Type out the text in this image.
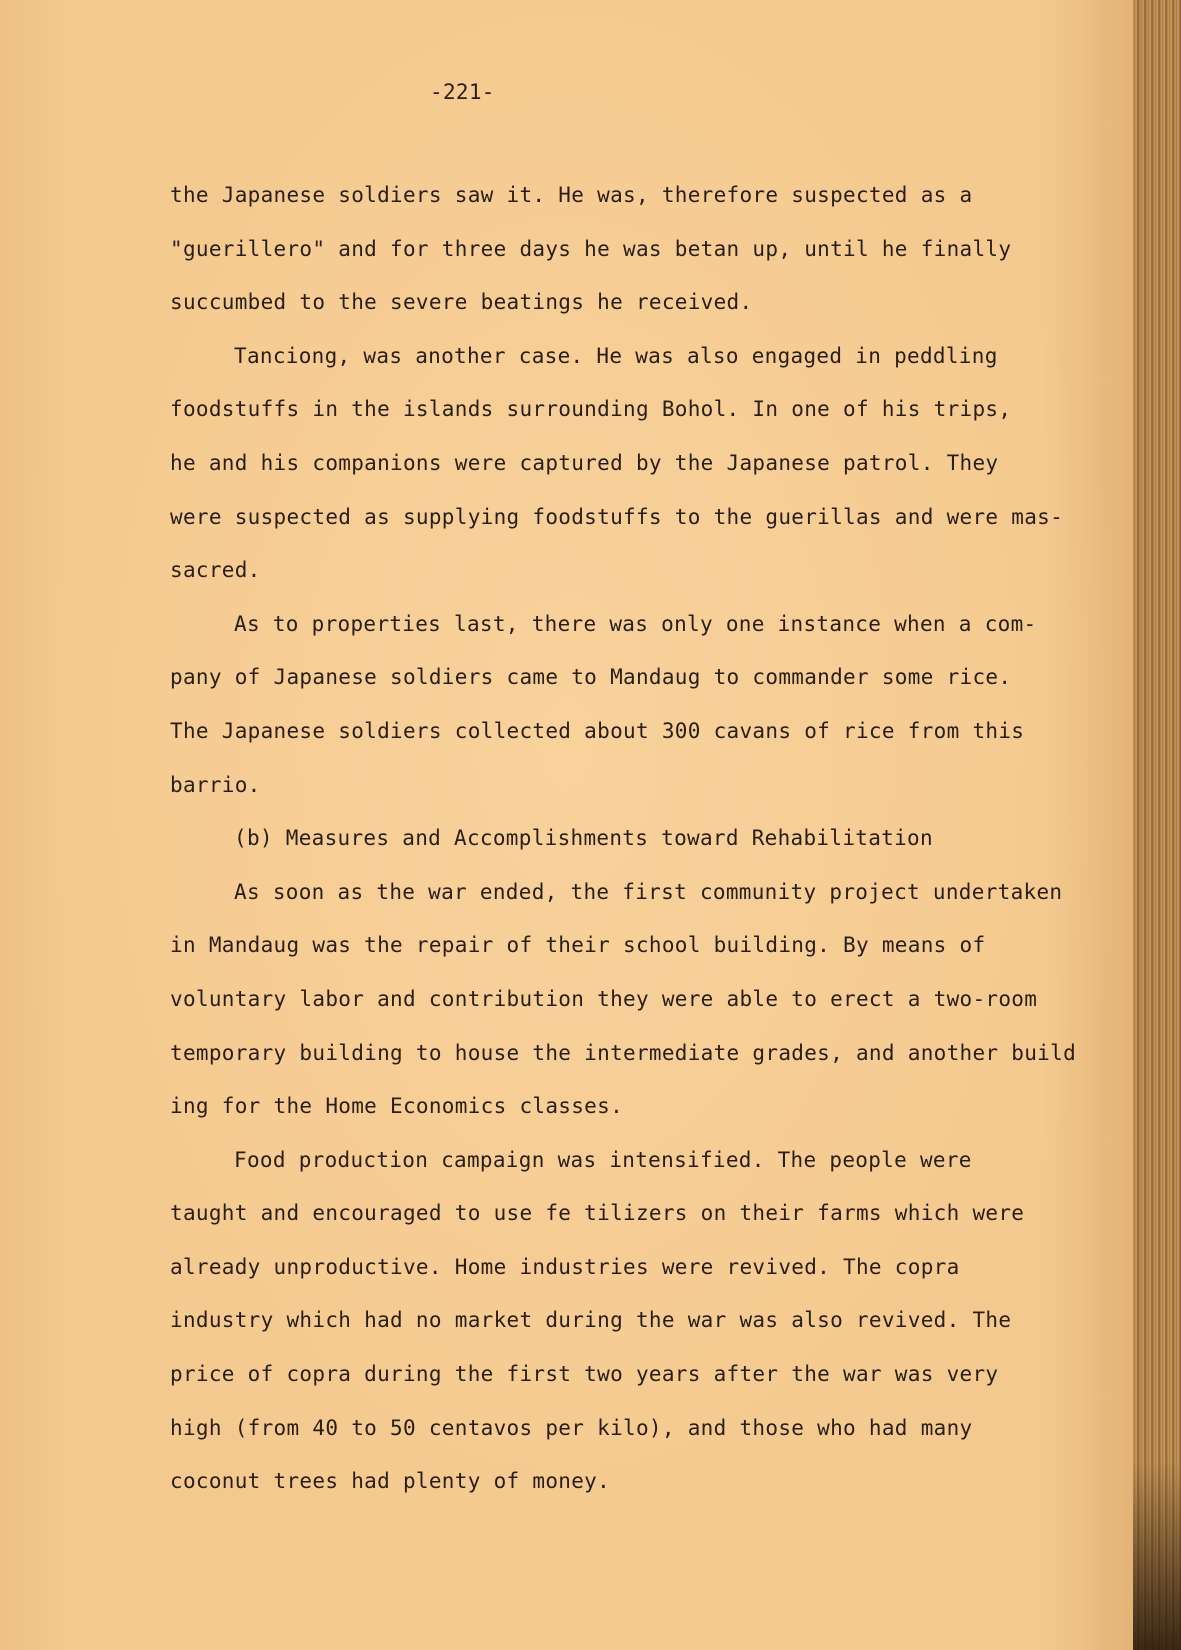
-221-
the Japanese soldiers saw it. He was, therefore suspected as a
"guerillero" and for three days he was betan up, until he finally
succumbed to the severe beatings he received.
Tanciong, was another case. He was also engaged in peddling
foodstuffs in the islands surrounding Bohol. In one of his trips,
he and his companions were captured by the Japanese patrol. They
were suspected as supplying foodstuffs to the guerillas and were mas-
sacred.
As to properties last, there was only one instance when a com-
pany of Japanese soldiers came to Mandaug to commander some rice.
The Japanese soldiers collected about 300 cavans of rice from this
barrio.
(b) Measures and Accomplishments toward Rehabilitation
As soon as the war ended, the first community project undertaken
in Mandaug was the repair of their school building. By means of
voluntary labor and contribution they were able to erect a two-room
temporary building to house the intermediate grades, and another build
ing for the Home Economics classes.
Food production campaign was intensified. The people were
taught and encouraged to use fe tilizers on their farms which were
already unproductive. Home industries were revived. The copra
industry which had no market during the war was also revived. The
price of copra during the first two years after the war was very
high (from 40 to 50 centavos per kilo), and those who had many
coconut trees had plenty of money.
